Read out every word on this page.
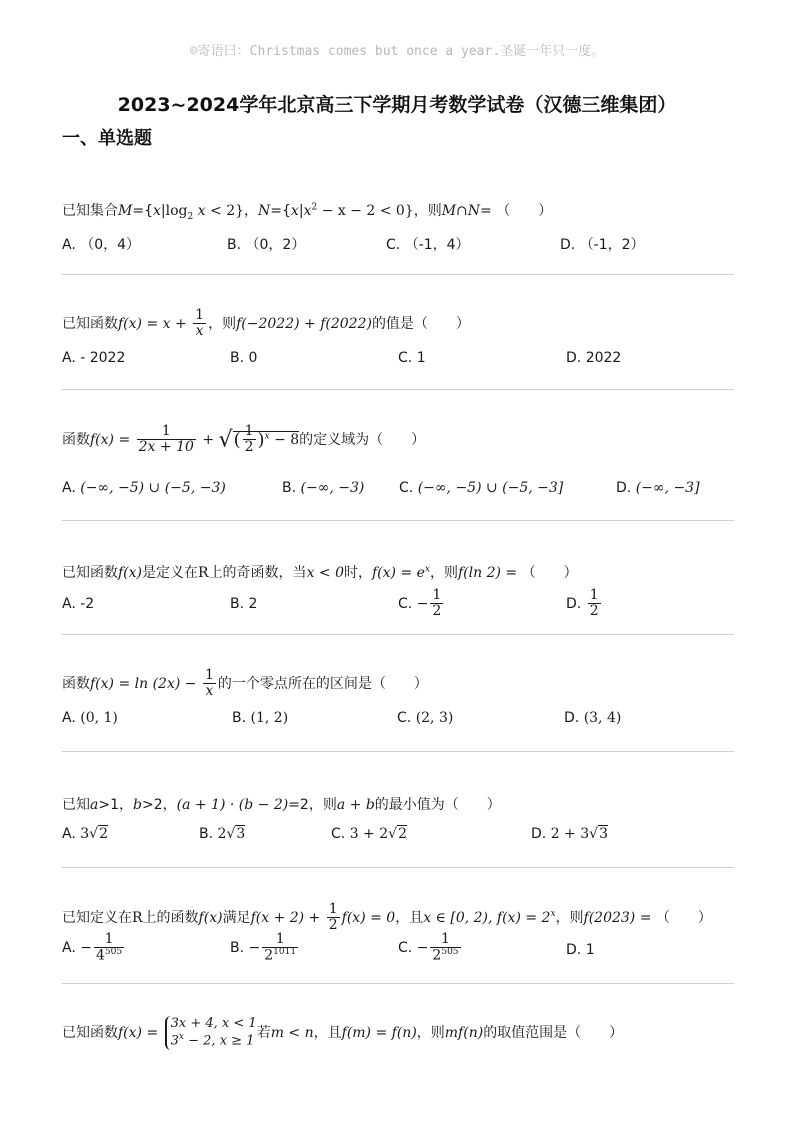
☺寄语曰：Christmas comes but once a year.圣诞一年只一度。
2023~2024学年北京高三下学期月考数学试卷（汉德三维集团）
一、单选题
已知集合$M=\{x|\log_2$ x < 2}，$N=\{x|x^2 - x - 2 < 0\}$，则M∩N= （　　）
A. （0，4）	B. （0，2）	C. （-1，4）	D. （-1，2）
已知函数$f(x) = x + \frac{1}{x}$ ，则f(−2022) + f(2022)的值是（　　）
A. - 2022	B. 0	C. 1	D. 2022
函数$f(x) = \frac{1}{2x + 10}$ + √( $\frac{1}{2} )^x - 8$的定义域为（　　）
A. (−∞, −5) ∪ (−5, −3)	B. (−∞, −3) C. (−∞, −5) ∪ (−5, −3]	D. (−∞, −3]
已知函数f(x)是定义在R上的奇函数，当x < 0时，$f(x) = e^x$，则f(ln 2) = （　　）
A. -2	B. 2	C. − $\frac{1}{2}$	D. $\frac{1}{2}$
函数$f(x) = \ln (2x) - \frac{1}{x}$ 的一个零点所在的区间是（　　）
A. (0, 1)	B. (1, 2)	C. (2, 3)	D. (3, 4)
已知a>1，b>2，(a + 1) · (b − 2)=2，则a + b的最小值为（　　）
A. 3√2	B. 2√3	C. 3 + 2√2	D. 2 + 3√3
已知定义在R上的函数f(x)满足$f(x + 2) + \frac{1}{2} f(x) = 0$，且x ∈ [0, 2), $f(x) = 2^x$，则f(2023) = （　　）
A. − $\frac{1}{4^{505}}$	B. − $\frac{1}{2^{1011}}$	C. − $\frac{1}{2^{505}}$	D. 1
已知函数f(x) =
3x + 4, x < 1
$3^x - 2$, x ≥ 1
若m < n，且f(m) = f(n)，则mf(n)的取值范围是（　　）
